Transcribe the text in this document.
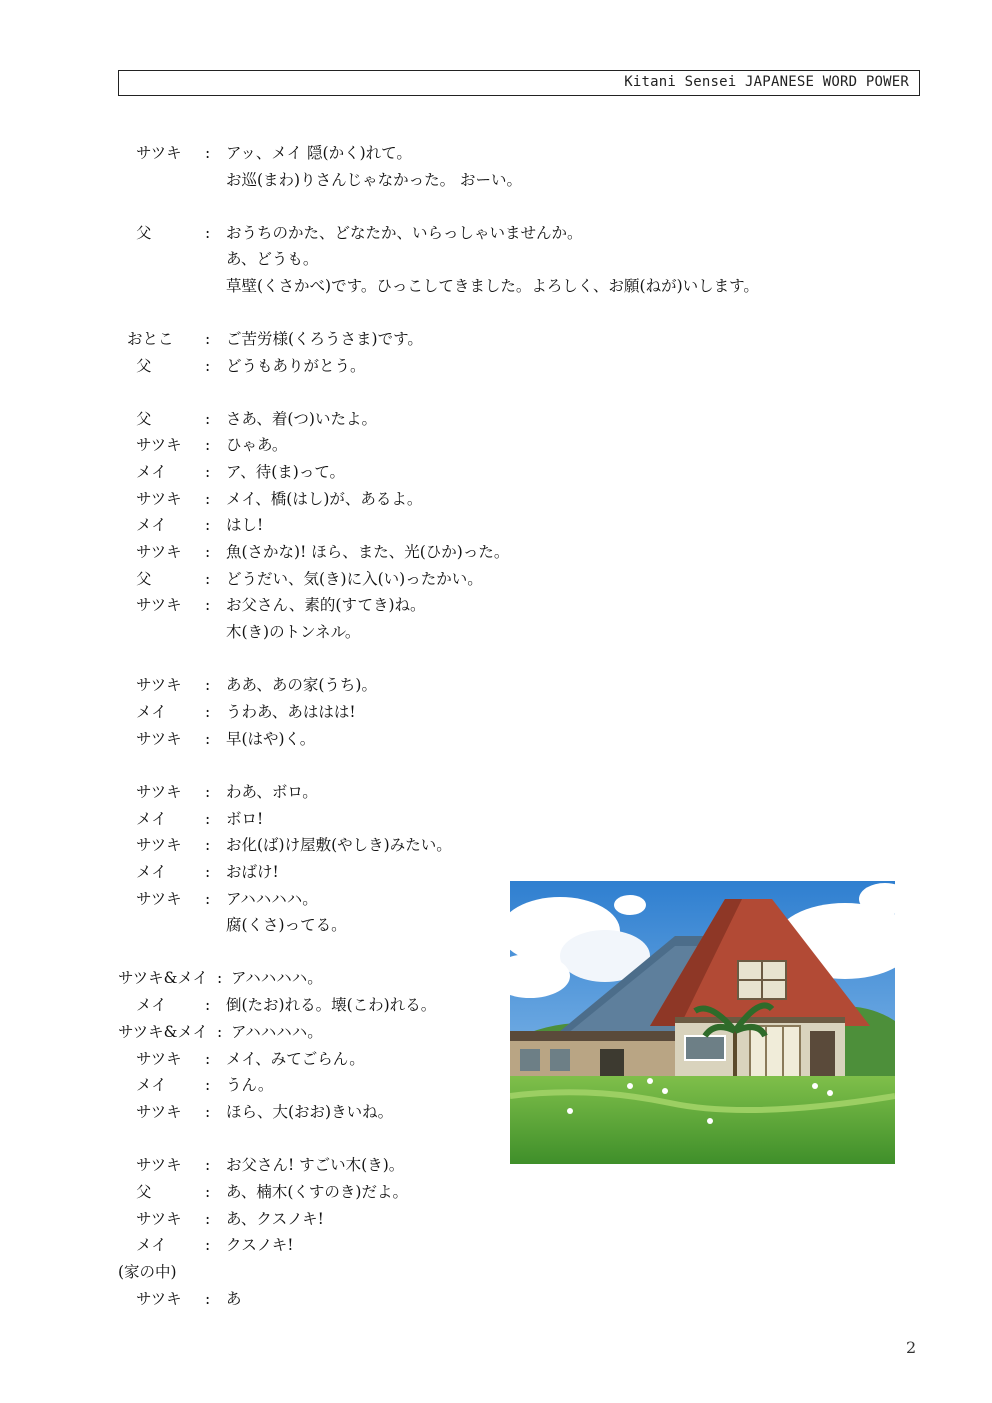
Kitani Sensei JAPANESE WORD POWER
サツキ : アッ、メイ 隠(かく)れて。
お巡(まわ)りさんじゃなかった。 おーい。
父	: おうちのかた、どなたか、いらっしゃいませんか。
あ、どうも。
草壁(くさかべ)です。ひっこしてきました。よろしく、お願(ねが)いします。
おとこ : ご苦労様(くろうさま)です。
父	: どうもありがとう。
父	: さあ、着(つ)いたよ。
サツキ : ひゃあ。
メイ : ア、待(ま)って。
サツキ : メイ、橋(はし)が、あるよ。
メイ : はし!
サツキ : 魚(さかな)! ほら、また、光(ひか)った。
父	: どうだい、気(き)に入(い)ったかい。
サツキ : お父さん、素的(すてき)ね。
木(き)のトンネル。
サツキ : ああ、あの家(うち)。
メイ : うわあ、あははは!
サツキ : 早(はや)く。
サツキ : わあ、ボロ。
メイ : ボロ!
サツキ : お化(ば)け屋敷(やしき)みたい。
メイ : おばけ!
サツキ : アハハハハ。
腐(くさ)ってる。
サツキ&メイ : アハハハハ。
メイ : 倒(たお)れる。壊(こわ)れる。
サツキ&メイ : アハハハハ。
サツキ : メイ、みてごらん。
メイ : うん。
サツキ : ほら、大(おお)きいね。
サツキ : お父さん! すごい木(き)。
父	: あ、楠木(くすのき)だよ。
サツキ : あ、クスノキ!
メイ : クスノキ!
(家の中)
サツキ : あ
2
